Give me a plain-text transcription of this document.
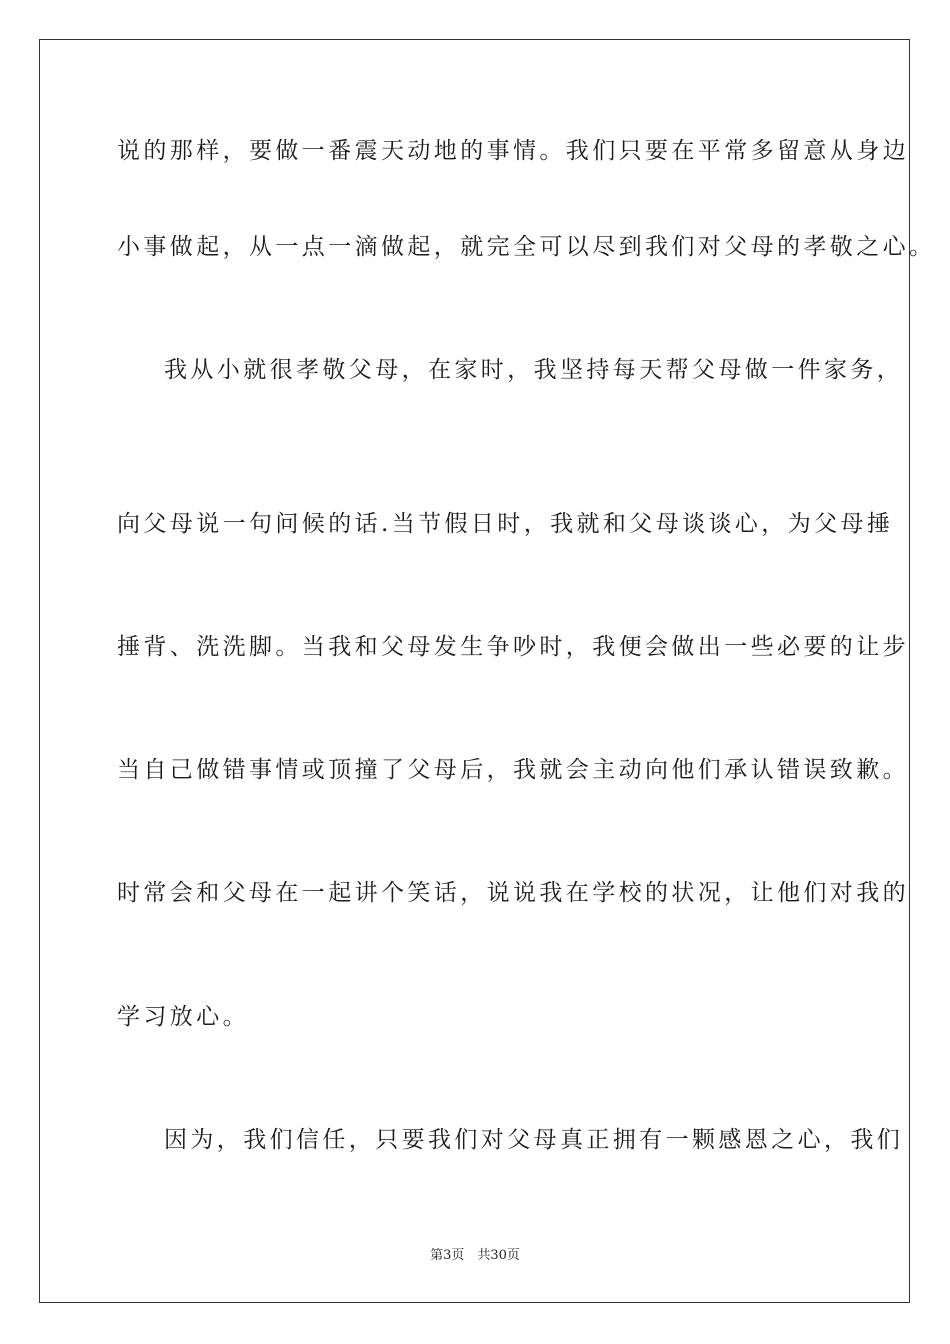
说的那样，要做一番震天动地的事情。我们只要在平常多留意从身边

小事做起，从一点一滴做起，就完全可以尽到我们对父母的孝敬之心。

我从小就很孝敬父母，在家时，我坚持每天帮父母做一件家务，

向父母说一句问候的话.当节假日时，我就和父母谈谈心，为父母捶

捶背、洗洗脚。当我和父母发生争吵时，我便会做出一些必要的让步

当自己做错事情或顶撞了父母后，我就会主动向他们承认错误致歉。

时常会和父母在一起讲个笑话，说说我在学校的状况，让他们对我的

学习放心。

因为，我们信任，只要我们对父母真正拥有一颗感恩之心，我们

第3页　共30页
